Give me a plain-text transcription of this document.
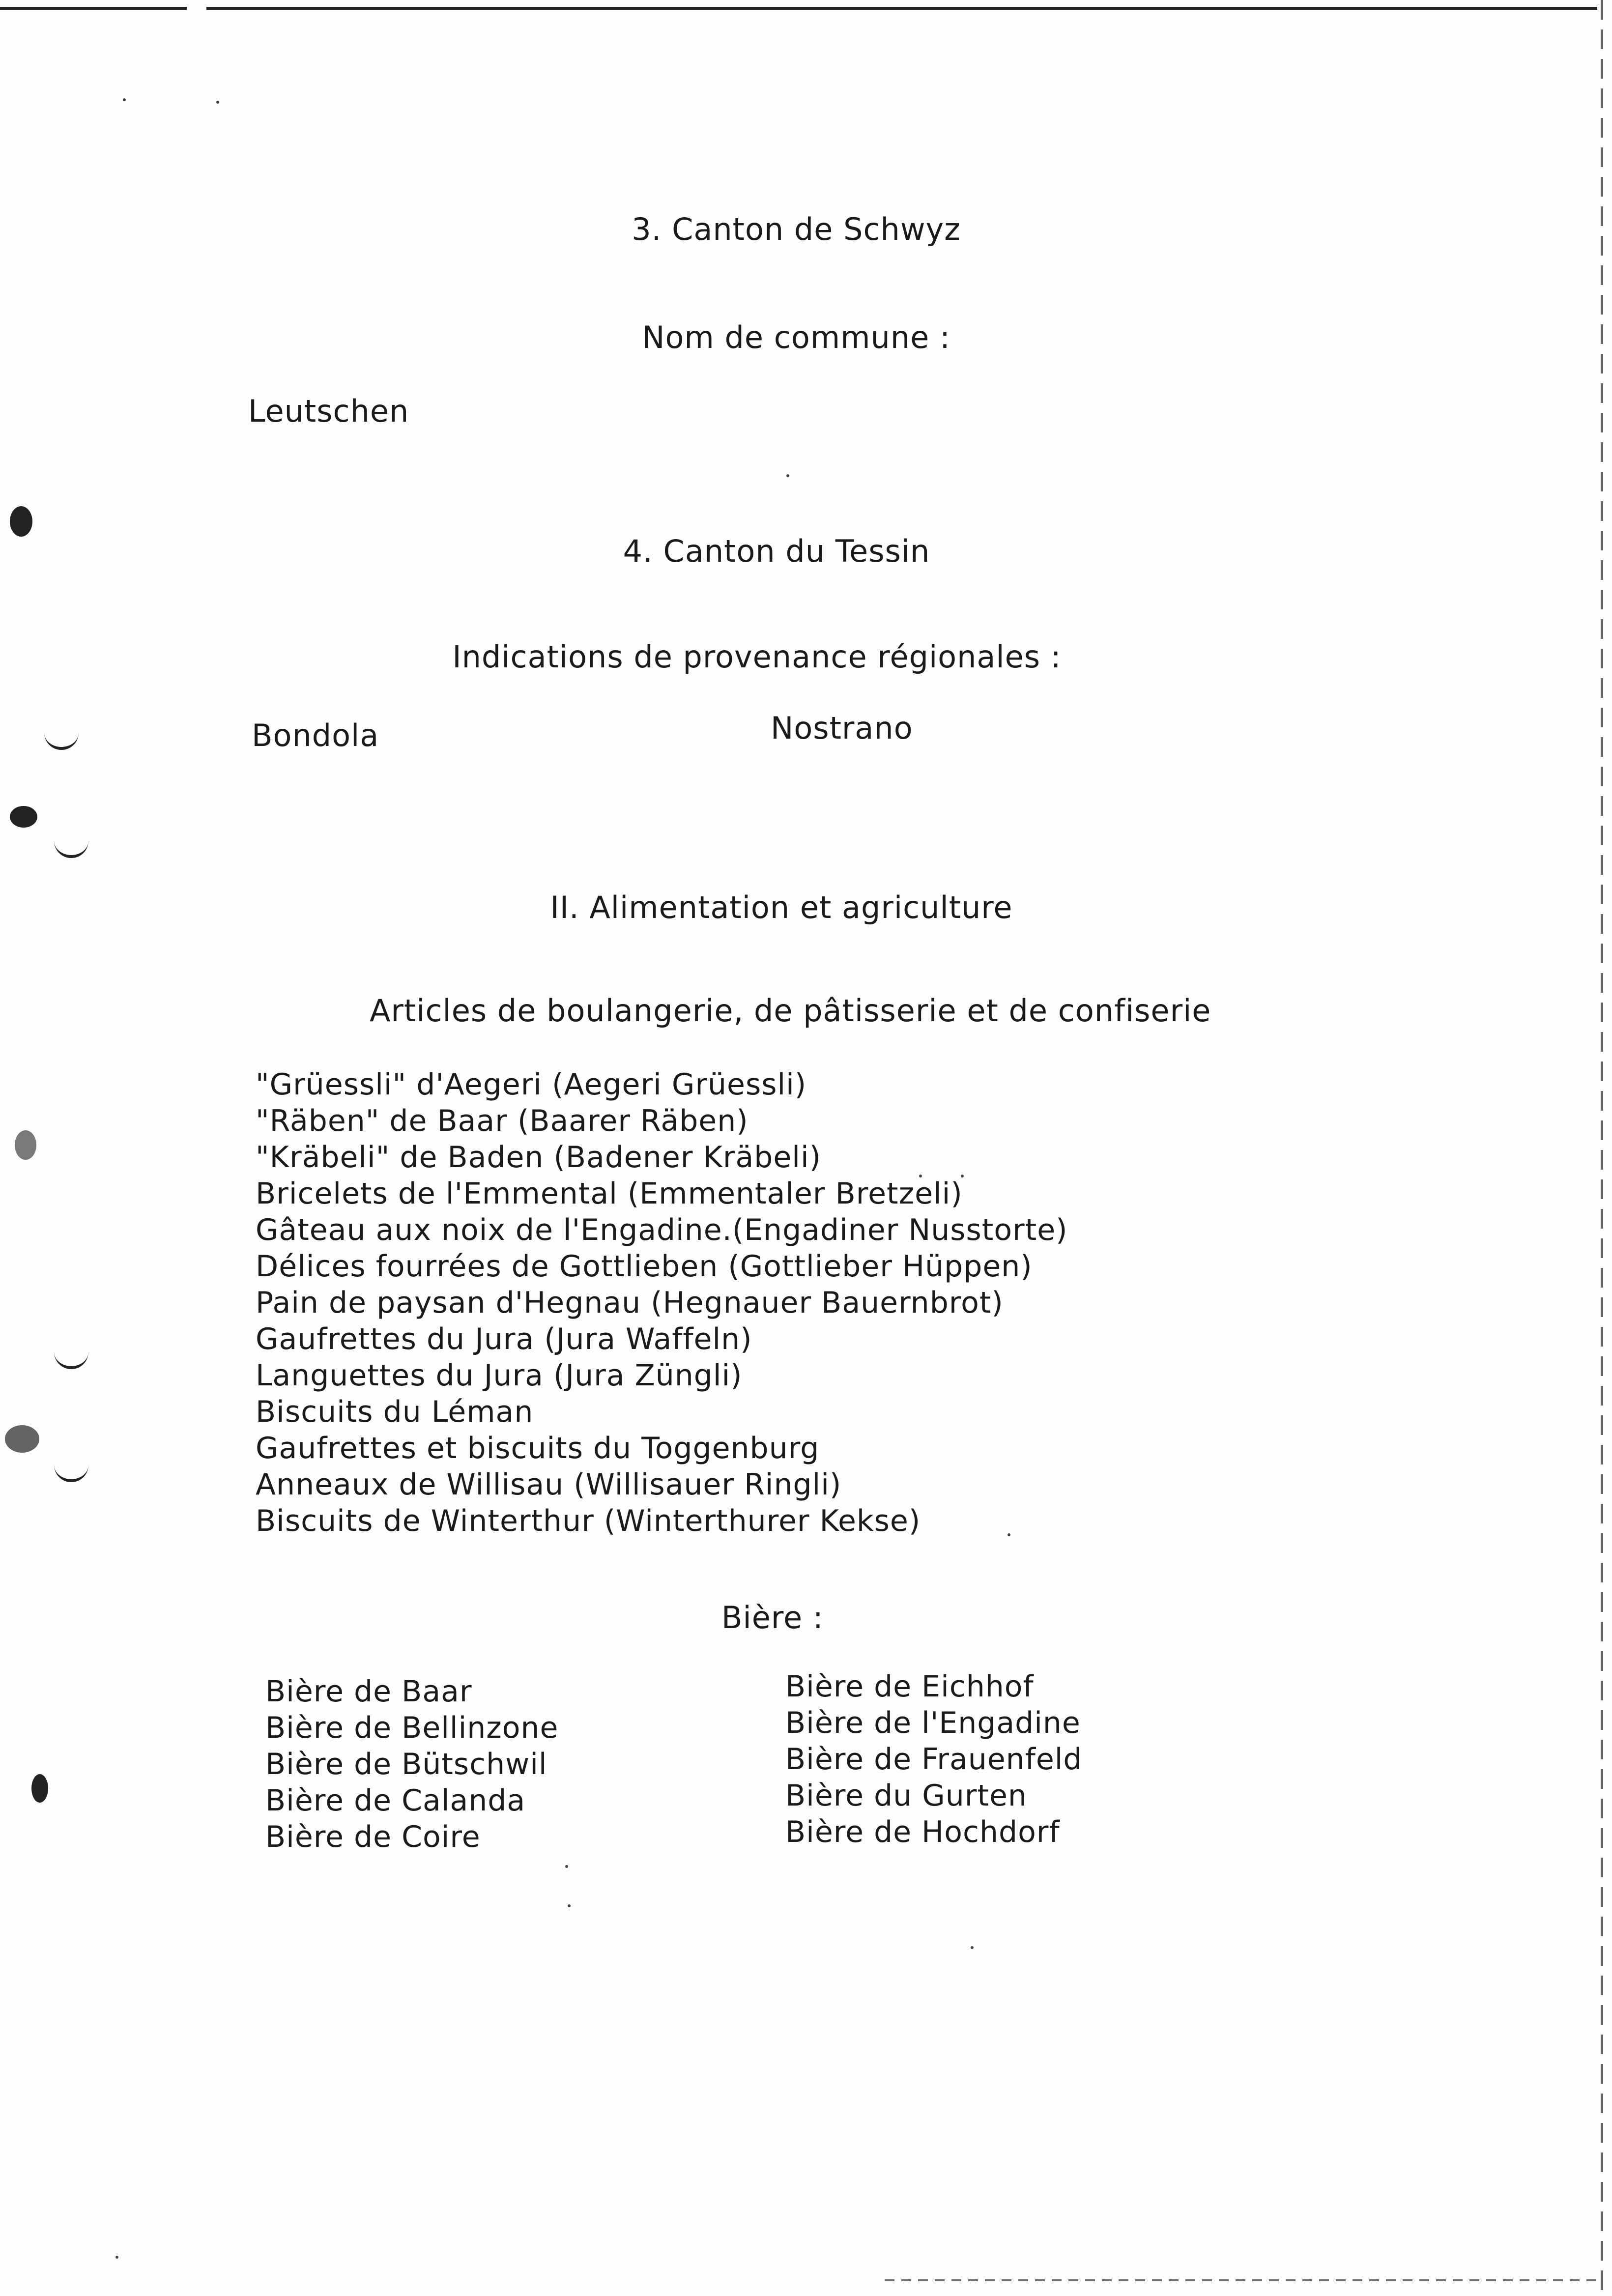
3. Canton de Schwyz
Nom de commune :
Leutschen
4. Canton du Tessin
Indications de provenance régionales :
Bondola	Nostrano
II. Alimentation et agriculture
Articles de boulangerie, de pâtisserie et de confiserie
"Grüessli" d'Aegeri (Aegeri Grüessli)
"Räben" de Baar (Baarer Räben)
"Kräbeli" de Baden (Badener Kräbeli)
Bricelets de l'Emmental (Emmentaler Bretzeli)
Gâteau aux noix de l'Engadine.(Engadiner Nusstorte)
Délices fourrées de Gottlieben (Gottlieber Hüppen)
Pain de paysan d'Hegnau (Hegnauer Bauernbrot)
Gaufrettes du Jura (Jura Waffeln)
Languettes du Jura (Jura Züngli)
Biscuits du Léman
Gaufrettes et biscuits du Toggenburg
Anneaux de Willisau (Willisauer Ringli)
Biscuits de Winterthur (Winterthurer Kekse)
Bière :
Bière de Baar
Bière de Bellinzone
Bière de Bütschwil
Bière de Calanda
Bière de Coire
Bière de Eichhof
Bière de l'Engadine
Bière de Frauenfeld
Bière du Gurten
Bière de Hochdorf
